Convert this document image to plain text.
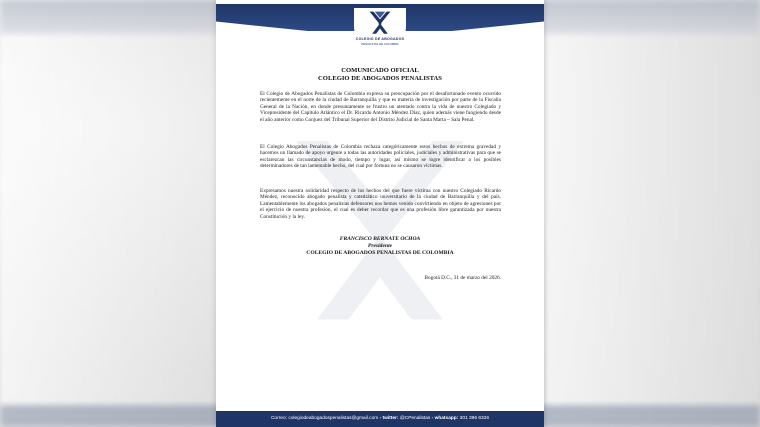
COLEGIO DE ABOGADOS
PENALISTAS DE COLOMBIA
COMUNICADO OFICIAL
COLEGIO DE ABOGADOS PENALISTAS
El Colegio de Abogados Penalistas de Colombia expresa su preocupación por el desafortunado evento ocurrido recientemente en el norte de la ciudad de Barranquilla y que es materia de investigación por parte de la Fiscalía General de la Nación, en donde presuntamente se frustro un atentado contra la vida de nuestro Colegiado y Vicepresidente del Capítulo Atlántico el Dr. Ricardo Antonio Méndez Díaz, quien además viene fungiendo desde el año anterior como Conjuez del Tribunal Superior del Distrito Judicial de Santa Marta – Sala Penal.
El Colegio Abogados Penalistas de Colombia rechaza categóricamente estos hechos de extrema gravedad y hacemos un llamado de apoyo urgente a todas las autoridades policiales, judiciales y administrativas para que se esclarezcan las circunstancias de modo, tiempo y lugar, así mismo se logre identificar a los posibles determinadores de tan lamentable hecho, del cual por fortuna no se causaron víctimas.
Expresamos nuestra solidaridad respecto de los hechos del que fuere víctima con nuestro Colegiado Ricardo Méndez, reconocido abogado penalista y catedrático universitario de la ciudad de Barranquilla y del país. Lamentablemente los abogados penalistas defensores nos hemos venido convirtiendo en objeto de agresiones por el ejercicio de nuestra profesión, el cual es deber recordar que es una profesión libre garantizada por nuestra Constitución y la ley.
FRANCISCO BERNATE OCHOA
Presidente
COLEGIO DE ABOGADOS PENALISTAS DE COLOMBIA
Bogotá D.C., 31 de marzo del 2026.
Correo: colegiodeabogadospenalistas@gmail.com - twitter: @CPenalistas - whatsapp: 301 396 6326
